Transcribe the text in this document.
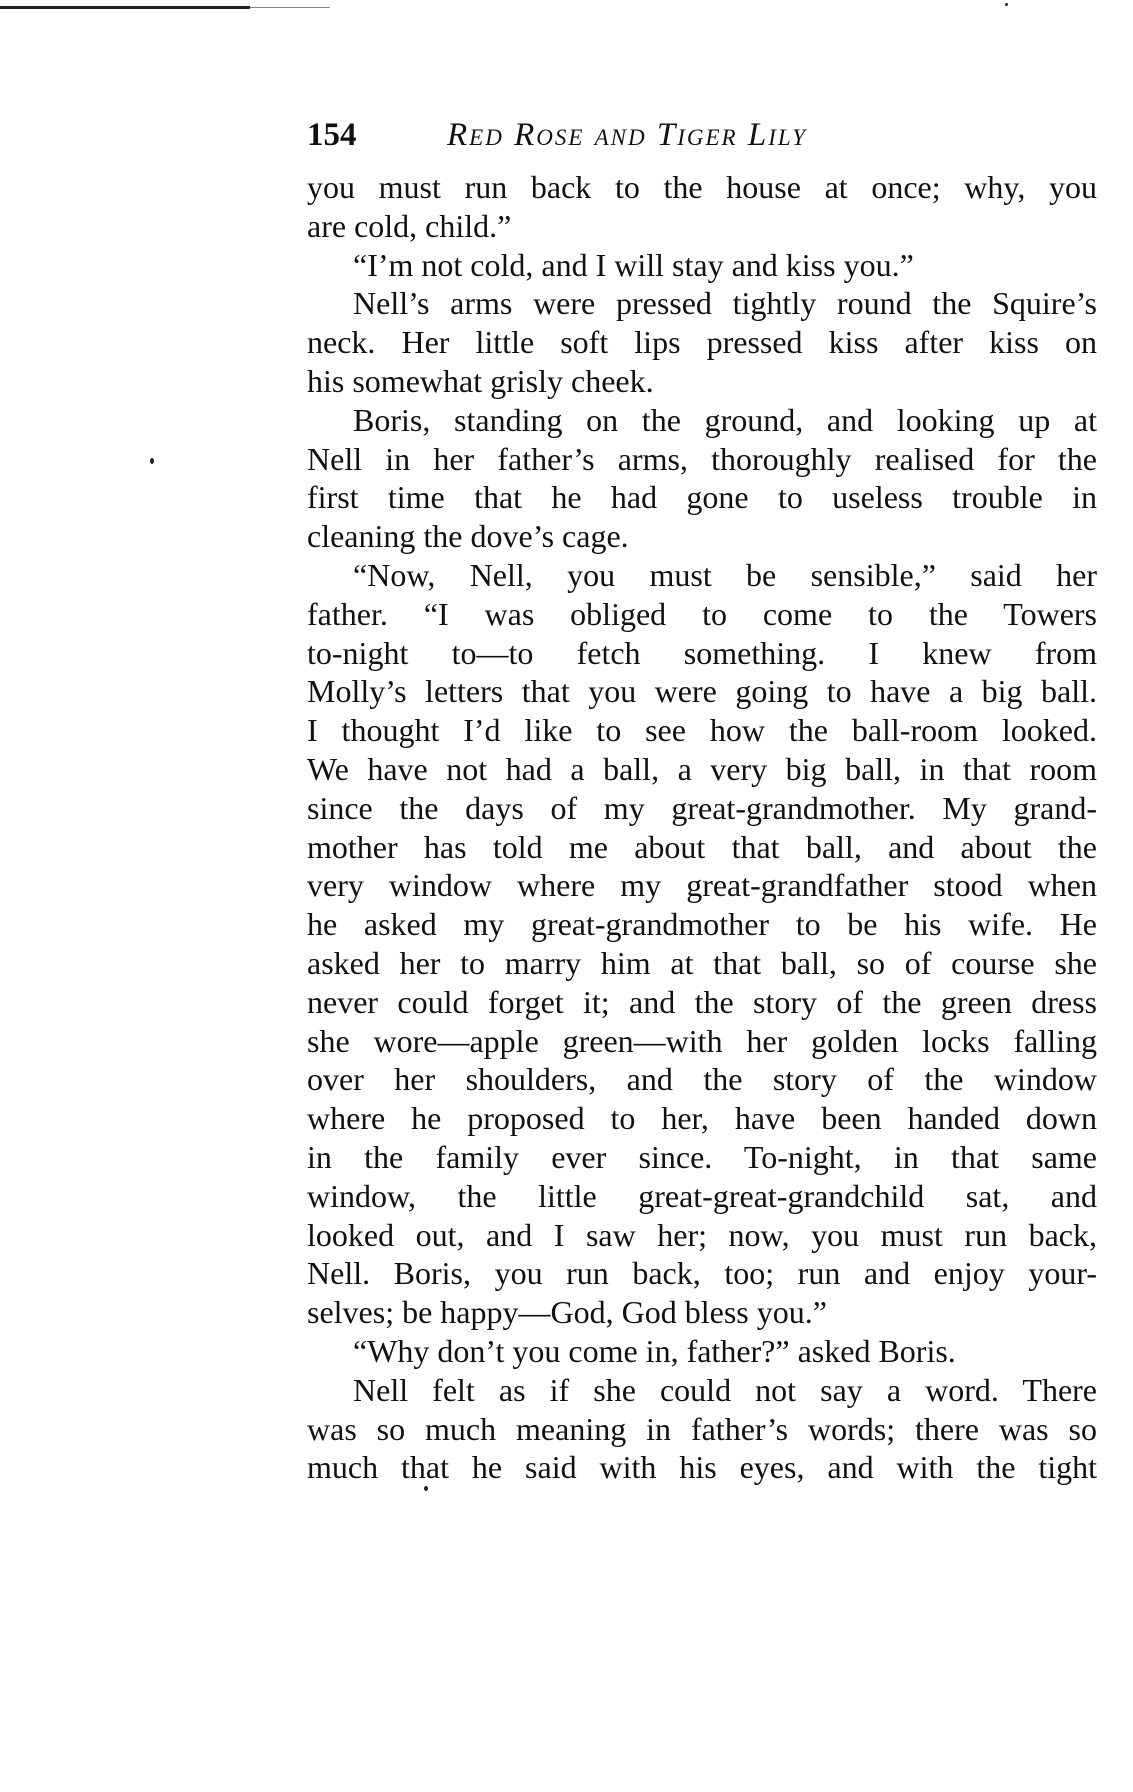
154	Red Rose and Tiger Lily
you must run back to the house at once; why, you
are cold, child.”
“I’m not cold, and I will stay and kiss you.”
Nell’s arms were pressed tightly round the Squire’s
neck. Her little soft lips pressed kiss after kiss on
his somewhat grisly cheek.
Boris, standing on the ground, and looking up at
Nell in her father’s arms, thoroughly realised for the
first time that he had gone to useless trouble in
cleaning the dove’s cage.
“Now, Nell, you must be sensible,” said her
father. “I was obliged to come to the Towers
to-night to—to fetch something. I knew from
Molly’s letters that you were going to have a big ball.
I thought I’d like to see how the ball-room looked.
We have not had a ball, a very big ball, in that room
since the days of my great-grandmother. My grand-
mother has told me about that ball, and about the
very window where my great-grandfather stood when
he asked my great-grandmother to be his wife. He
asked her to marry him at that ball, so of course she
never could forget it; and the story of the green dress
she wore—apple green—with her golden locks falling
over her shoulders, and the story of the window
where he proposed to her, have been handed down
in the family ever since. To-night, in that same
window, the little great-great-grandchild sat, and
looked out, and I saw her; now, you must run back,
Nell. Boris, you run back, too; run and enjoy your-
selves; be happy—God, God bless you.”
“Why don’t you come in, father?” asked Boris.
Nell felt as if she could not say a word. There
was so much meaning in father’s words; there was so
much that he said with his eyes, and with the tight
